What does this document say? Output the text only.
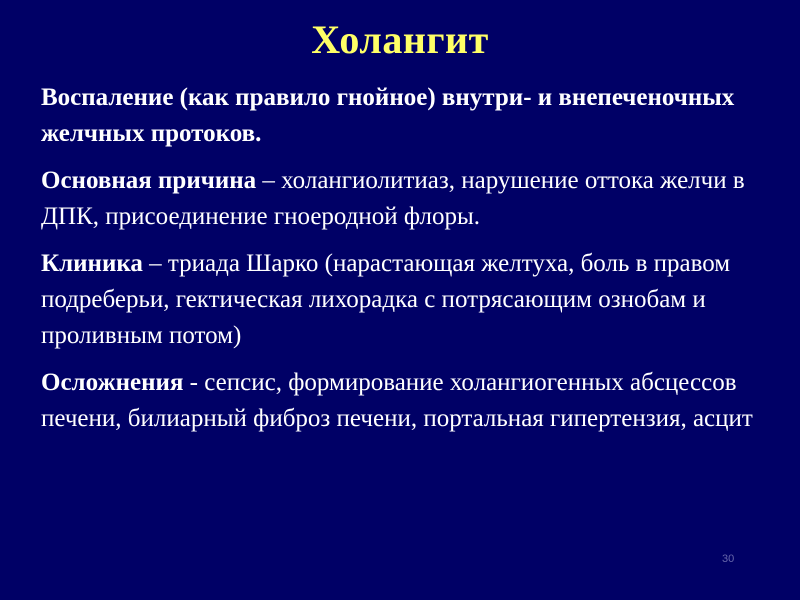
Холангит

Воспаление (как правило гнойное) внутри- и внепеченочных желчных протоков.

Основная причина – холангиолитиаз, нарушение оттока желчи в ДПК, присоединение гноеродной флоры.

Клиника – триада Шарко (нарастающая желтуха, боль в правом подреберьи, гектическая лихорадка с потрясающим ознобам и проливным потом)

Осложнения - сепсис, формирование холангиогенных абсцессов печени, билиарный фиброз печени, портальная гипертензия, асцит

30
